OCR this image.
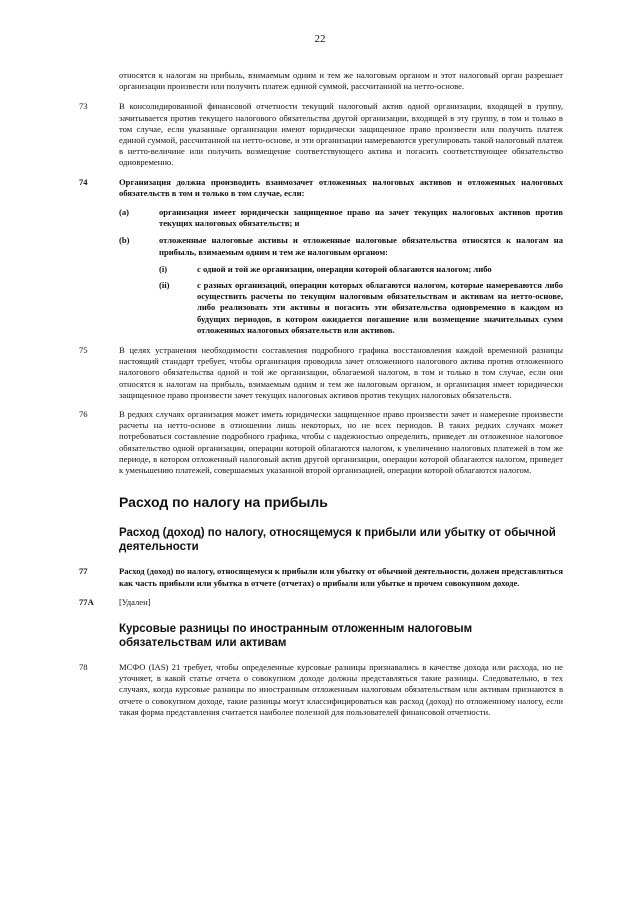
22
относятся к налогам на прибыль, взимаемым одним и тем же налоговым органом и этот налоговый орган разрешает организации произвести или получить платеж единой суммой, рассчитанной на нетто-основе.
73	В консолидированной финансовой отчетности текущий налоговый актив одной организации, входящей в группу, зачитывается против текущего налогового обязательства другой организации, входящей в эту группу, в том и только в том случае, если указанные организации имеют юридически защищенное право произвести или получить платеж единой суммой, рассчитанной на нетто-основе, и эти организации намереваются урегулировать такой налоговый платеж в нетто-величине или получить возмещение соответствующего актива и погасить соответствующее обязательство одновременно.
74	Организация должна производить взаимозачет отложенных налоговых активов и отложенных налоговых обязательств в том и только в том случае, если:
(a)	организация имеет юридически защищенное право на зачет текущих налоговых активов против текущих налоговых обязательств; и
(b)	отложенные налоговые активы и отложенные налоговые обязательства относятся к налогам на прибыль, взимаемым одним и тем же налоговым органом:
(i)	с одной и той же организации, операции которой облагаются налогом; либо
(ii)	с разных организаций, операции которых облагаются налогом, которые намереваются либо осуществить расчеты по текущим налоговым обязательствам и активам на нетто-основе, либо реализовать эти активы и погасить эти обязательства одновременно в каждом из будущих периодов, в котором ожидается погашение или возмещение значительных сумм отложенных налоговых обязательств или активов.
75	В целях устранения необходимости составления подробного графика восстановления каждой временной разницы настоящий стандарт требует, чтобы организация проводила зачет отложенного налогового актива против отложенного налогового обязательства одной и той же организации, облагаемой налогом, в том и только в том случае, если они относятся к налогам на прибыль, взимаемым одним и тем же налоговым органом, и организация имеет юридически защищенное право произвести зачет текущих налоговых активов против текущих налоговых обязательств.
76	В редких случаях организация может иметь юридически защищенное право произвести зачет и намерение произвести расчеты на нетто-основе в отношении лишь некоторых, но не всех периодов. В таких редких случаях может потребоваться составление подробного графика, чтобы с надежностью определить, приведет ли отложенное налоговое обязательство одной организации, операции которой облагаются налогом, к увеличению налоговых платежей в том же периоде, в котором отложенный налоговый актив другой организации, операции которой облагаются налогом, приведет к уменьшению платежей, совершаемых указанной второй организацией, операции которой облагаются налогом.
Расход по налогу на прибыль
Расход (доход) по налогу, относящемуся к прибыли или убытку от обычной деятельности
77	Расход (доход) по налогу, относящемуся к прибыли или убытку от обычной деятельности, должен представляться как часть прибыли или убытка в отчете (отчетах) о прибыли или убытке и прочем совокупном доходе.
77A	[Удален]
Курсовые разницы по иностранным отложенным налоговым обязательствам или активам
78	МСФО (IAS) 21 требует, чтобы определенные курсовые разницы признавались в качестве дохода или расхода, но не уточняет, в какой статье отчета о совокупном доходе должны представляться такие разницы. Следовательно, в тех случаях, когда курсовые разницы по иностранным отложенным налоговым обязательствам или активам признаются в отчете о совокупном доходе, такие разницы могут классифицироваться как расход (доход) по отложенному налогу, если такая форма представления считается наиболее полезной для пользователей финансовой отчетности.
